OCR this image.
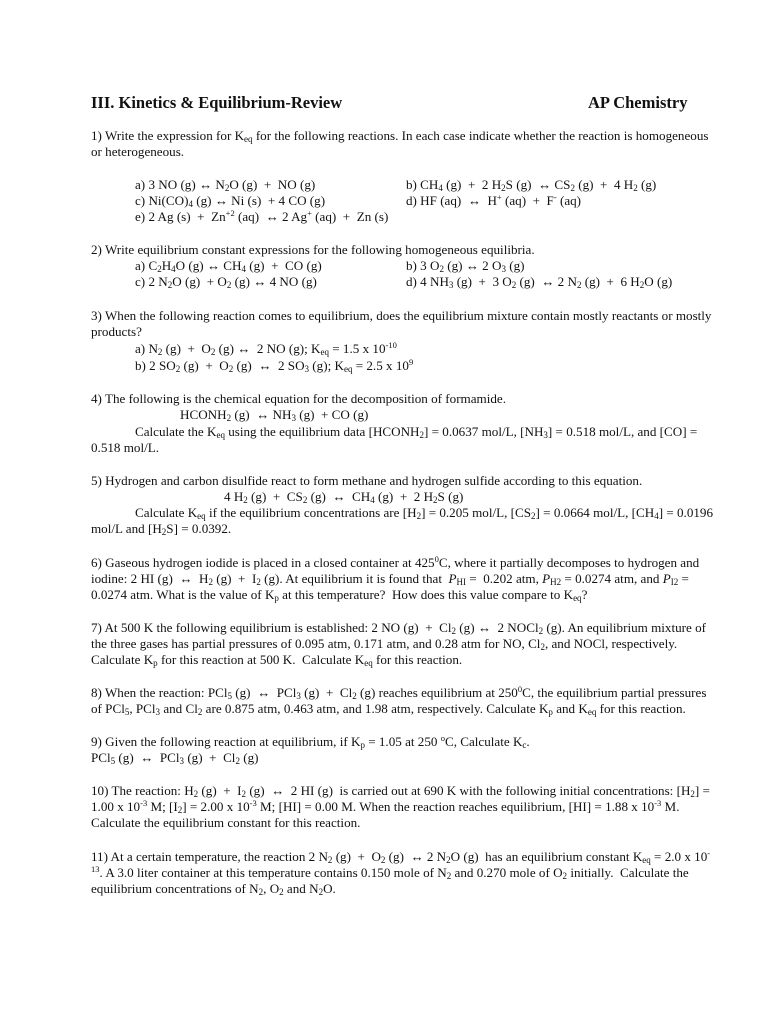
III. Kinetics & Equilibrium-Review	AP Chemistry
1) Write the expression for $K_{eq}$ for the following reactions. In each case indicate whether the reaction is homogeneous
or heterogeneous.
a) 3 NO (g) ↔ $N_2O$ (g)  +  NO (g)	b) $CH_4$ (g)  +  2 $H_2S$ (g)  ↔ $CS_2$ (g)  +  4 $H_2$ (g)
c) $Ni(CO)_4$ (g) ↔ Ni (s)  + 4 CO (g)	d) HF (aq)  ↔  H+ (aq)  +  F- (aq)
e) 2 Ag $(s) + Zn^{+2}$ (aq)  ↔ 2 Ag+ (aq)  +  Zn (s)
2) Write equilibrium constant expressions for the following homogeneous equilibria.
a) $C_2H_4O$ (g) ↔ $CH_4$ (g)  +  CO (g)	b) 3 $O_2$ (g) ↔ 2 $O_3$ (g)
c) 2 $N_2O$ $(g) + O_2$ (g) ↔ 4 NO (g)	d) 4 $NH_3$ (g)  +  3 $O_2$ (g)  ↔ 2 $N_2$ (g)  +  6 $H_2O$ (g)
3) When the following reaction comes to equilibrium, does the equilibrium mixture contain mostly reactants or mostly
products?
a) $N_2$ $(g) + O_2$ (g) ↔  2 NO (g); $K_{eq} = 1.5$ x $10^{-10}$
b) 2 $SO_2$ $(g) + O_2$ (g)  ↔  2 $SO_3$ (g); $K_{eq} = 2.5$ x $10^9$
4) The following is the chemical equation for the decomposition of formamide.
$HCONH_2$ (g)  ↔ $NH_3$ (g)  + CO (g)
Calculate the $K_{eq}$ using the equilibrium data $[HCONH_2] = 0.0637$ mol/L, $[NH_3] = 0.518$ mol/L, and [CO] =
0.518 mol/L.
5) Hydrogen and carbon disulfide react to form methane and hydrogen sulfide according to this equation.
4 $H_2$ $(g) + CS_2$ (g)  ↔  $CH_4$ (g)  +  2 $H_2S$ (g)
Calculate $K_{eq}$ if the equilibrium concentrations are $[H_2] = 0.205$ mol/L, $[CS_2] = 0.0664$ mol/L, $[CH_4] = 0.0196$
mol/L and $[H_2S] = 0.0392$.
6) Gaseous hydrogen iodide is placed in a closed container at $425^0C$, where it partially decomposes to hydrogen and
iodine: 2 HI (g)  ↔  $H_2$ $(g) + I_2$ (g). At equilibrium it is found that  $P_{HI} = 0.202$ atm, $P_{H2} = 0.0274$ atm, and $P_{I2}$ =
0.0274 atm. What is the value of $K_p$ at this temperature?  How does this value compare to $K_{eq}$?
7) At 500 K the following equilibrium is established: 2 NO $(g) + Cl_2$ (g) ↔  2 NOCl$_2$ (g). An equilibrium mixture of
the three gases has partial pressures of 0.095 atm, 0.171 atm, and 0.28 atm for NO, $Cl_2$, and NOCl, respectively.
Calculate $K_p$ for this reaction at 500 K.  Calculate $K_{eq}$ for this reaction.
8) When the reaction: PCl$_5$ (g)  ↔  PCl$_3$ $(g) + Cl_2$ (g) reaches equilibrium at $250^0C$, the equilibrium partial pressures
of PCl$_5$, PCl$_3$ and $Cl_2$ are 0.875 atm, 0.463 atm, and 1.98 atm, respectively. Calculate $K_p$ and $K_{eq}$ for this reaction.
9) Given the following reaction at equilibrium, if $K_p = 1.05$ at 250 $^o$C, Calculate $K_c$.
PCl$_5$ (g)  ↔  PCl$_3$ $(g) + Cl_2$ (g)
10) The reaction: $H_2$ $(g) + I_2$ (g)  ↔  2 HI (g)  is carried out at 690 K with the following initial concentrations: $[H_2]$ =
1.00 x $10^{-3}$ M; $[I_2] = 2.00$ x $10^{-3}$ M; [HI] = 0.00 M. When the reaction reaches equilibrium, [HI] = 1.88 x $10^{-3}$ M.
Calculate the equilibrium constant for this reaction.
11) At a certain temperature, the reaction 2 $N_2$ $(g) + O_2$ (g)  ↔ 2 $N_2O$ (g)  has an equilibrium constant $K_{eq} = 2.0$ x 10-
$^{13}$. A 3.0 liter container at this temperature contains 0.150 mole of $N_2$ and 0.270 mole of $O_2$ initially.  Calculate the
equilibrium concentrations of $N_2$, $O_2$ and $N_2O$.
